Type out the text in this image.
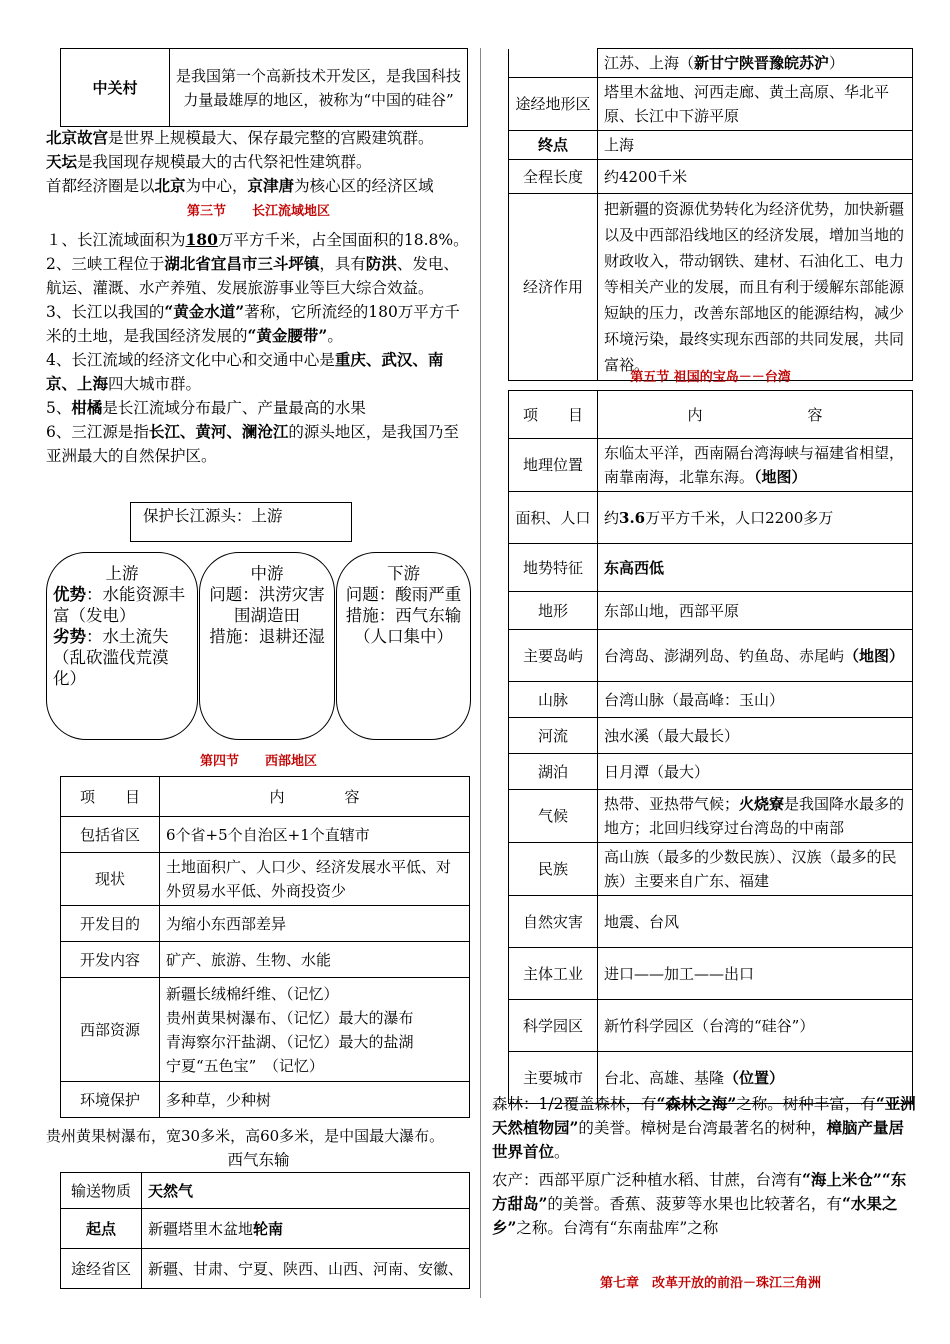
中关村	是我国第一个高新技术开发区，是我国科技力量最雄厚的地区，被称为“中国的硅谷”

北京故宫是世界上规模最大、保存最完整的宫殿建筑群。

天坛是我国现存规模最大的古代祭祀性建筑群。

首都经济圈是以北京为中心，京津唐为核心区的经济区域

第三节　　长江流域地区

１、长江流域面积为180万平方千米，占全国面积的18.8%。

2、三峡工程位于湖北省宜昌市三斗坪镇，具有防洪、发电、航运、灌溉、水产养殖、发展旅游事业等巨大综合效益。

3、长江以我国的“黄金水道”著称，它所流经的180万平方千米的土地，是我国经济发展的“黄金腰带”。

4、长江流域的经济文化中心和交通中心是重庆、武汉、南京、上海四大城市群。

5、柑橘是长江流域分布最广、产量最高的水果

6、三江源是指长江、黄河、澜沧江的源头地区，是我国乃至亚洲最大的自然保护区。

保护长江源头：上游
上游
优势：水能资源丰富（发电）
劣势：水土流失（乱砍滥伐荒漠化）
中游
问题：洪涝灾害
围湖造田
措施：退耕还湿
下游
问题：酸雨严重
措施：西气东输（人口集中）

第四节　　西部地区

项　　目	内　　　　容
包括省区	6个省+5个自治区+1个直辖市
现状	土地面积广、人口少、经济发展水平低、对外贸易水平低、外商投资少
开发目的	为缩小东西部差异
开发内容	矿产、旅游、生物、水能
西部资源	新疆长绒棉纤维、（记忆）
贵州黄果树瀑布、（记忆）最大的瀑布
青海察尔汗盐湖、（记忆）最大的盐湖
宁夏“五色宝”　（记忆）

环境保护	多种草，少种树

贵州黄果树瀑布，宽30多米，高60多米，是中国最大瀑布。

西气东输

输送物质	天然气
起点	新疆塔里木盆地轮南
途经省区	新疆、甘肃、宁夏、陕西、山西、河南、安徽、
	江苏、上海（新甘宁陕晋豫皖苏沪）
途经地形区	塔里木盆地、河西走廊、黄土高原、华北平原、长江中下游平原
终点	上海
全程长度	约4200千米
经济作用	把新疆的资源优势转化为经济优势，加快新疆以及中西部沿线地区的经济发展，增加当地的财政收入，带动钢铁、建材、石油化工、电力等相关产业的发展，而且有利于缓解东部能源短缺的压力，改善东部地区的能源结构，减少环境污染，最终实现东西部的共同发展，共同富裕。

第五节 祖国的宝岛－－台湾

项　　目	内　　　　　　　容
地理位置	东临太平洋，西南隔台湾海峡与福建省相望，南靠南海，北靠东海。（地图）
面积、人口	约3.6万平方千米，人口2200多万
地势特征	东高西低
地形	东部山地，西部平原
主要岛屿	台湾岛、澎湖列岛、钓鱼岛、赤尾屿（地图）
山脉	台湾山脉（最高峰：玉山）
河流	浊水溪（最大最长）
湖泊	日月潭（最大）
气候	热带、亚热带气候；火烧寮是我国降水最多的地方；北回归线穿过台湾岛的中南部
民族	高山族（最多的少数民族）、汉族（最多的民族）主要来自广东、福建
自然灾害	地震、台风
主体工业	进口——加工——出口
科学园区	新竹科学园区（台湾的“硅谷”）
主要城市	台北、高雄、基隆（位置）

森林：1/2覆盖森林，有“森林之海”之称。树种丰富，有“亚洲天然植物园”的美誉。樟树是台湾最著名的树种，樟脑产量居世界首位。

农产：西部平原广泛种植水稻、甘蔗，台湾有“海上米仓”“东方甜岛”的美誉。香蕉、菠萝等水果也比较著名，有“水果之乡”之称。台湾有“东南盐库”之称

第七章　改革开放的前沿－珠江三角洲
